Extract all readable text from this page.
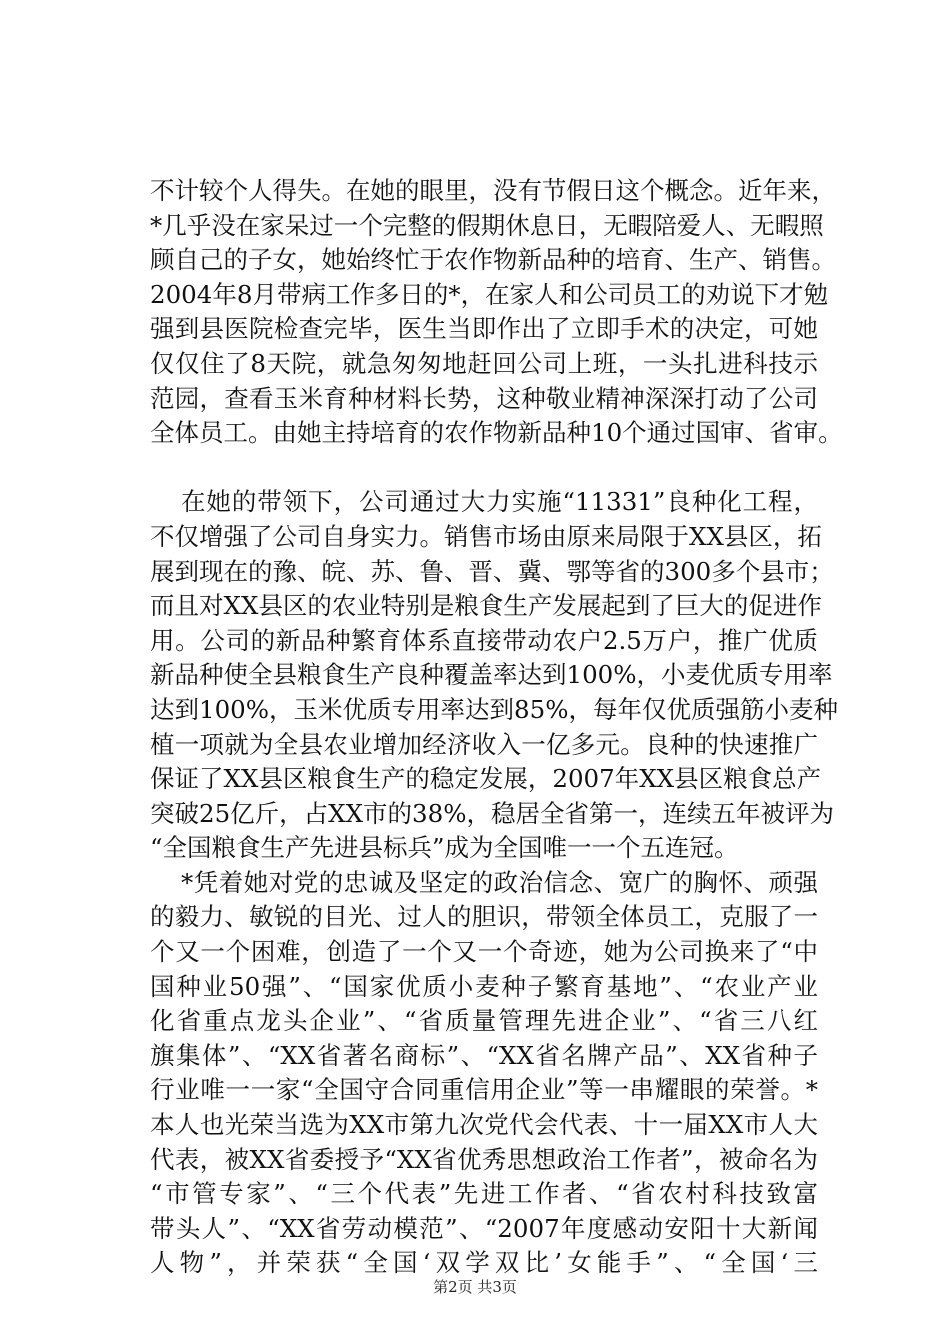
不计较个人得失。在她的眼里，没有节假日这个概念。近年来，
*几乎没在家呆过一个完整的假期休息日，无暇陪爱人、无暇照
顾自己的子女，她始终忙于农作物新品种的培育、生产、销售。
2004年8月带病工作多日的*，在家人和公司员工的劝说下才勉
强到县医院检查完毕，医生当即作出了立即手术的决定，可她
仅仅住了8天院，就急匆匆地赶回公司上班，一头扎进科技示
范园，查看玉米育种材料长势，这种敬业精神深深打动了公司
全体员工。由她主持培育的农作物新品种10个通过国审、省审。
在她的带领下，公司通过大力实施“11331”良种化工程，
不仅增强了公司自身实力。销售市场由原来局限于XX县区，拓
展到现在的豫、皖、苏、鲁、晋、冀、鄂等省的300多个县市；
而且对XX县区的农业特别是粮食生产发展起到了巨大的促进作
用。公司的新品种繁育体系直接带动农户2.5万户，推广优质
新品种使全县粮食生产良种覆盖率达到100%，小麦优质专用率
达到100%，玉米优质专用率达到85%，每年仅优质强筋小麦种
植一项就为全县农业增加经济收入一亿多元。良种的快速推广
保证了XX县区粮食生产的稳定发展，2007年XX县区粮食总产
突破25亿斤，占XX市的38%，稳居全省第一，连续五年被评为
“全国粮食生产先进县标兵”成为全国唯一一个五连冠。
*凭着她对党的忠诚及坚定的政治信念、宽广的胸怀、顽强
的毅力、敏锐的目光、过人的胆识，带领全体员工，克服了一
个又一个困难，创造了一个又一个奇迹，她为公司换来了“中
国种业50强”、“国家优质小麦种子繁育基地”、“农业产业
化省重点龙头企业”、“省质量管理先进企业”、“省三八红
旗集体”、“XX省著名商标”、“XX省名牌产品”、XX省种子
行业唯一一家“全国守合同重信用企业”等一串耀眼的荣誉。*
本人也光荣当选为XX市第九次党代会代表、十一届XX市人大
代表，被XX省委授予“XX省优秀思想政治工作者”，被命名为
“市管专家”、“三个代表”先进工作者、“省农村科技致富
带头人”、“XX省劳动模范”、“2007年度感动安阳十大新闻
人物”，并荣获“全国‘双学双比’女能手”、“全国‘三
第2页 共3页
